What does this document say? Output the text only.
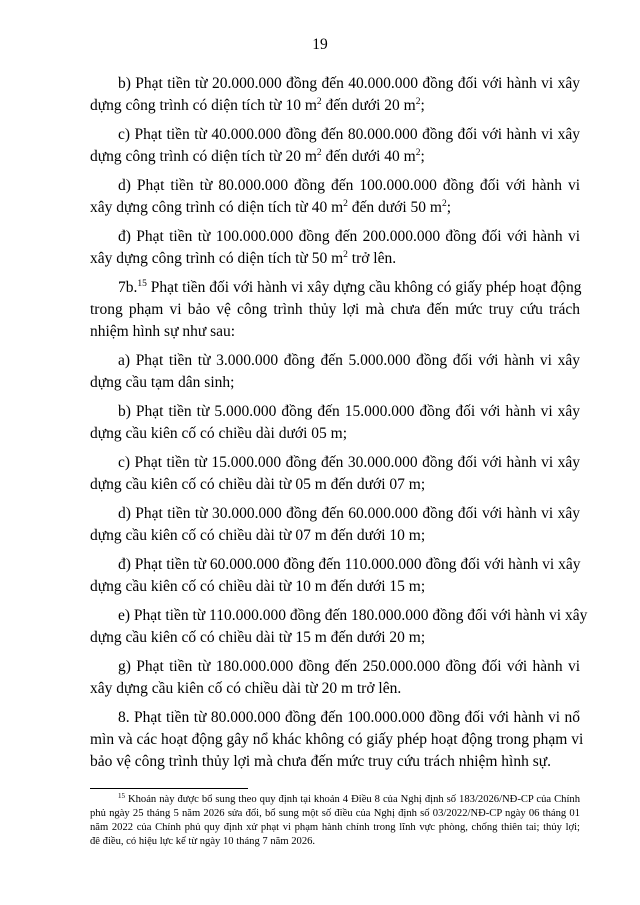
19

b) Phạt tiền từ 20.000.000 đồng đến 40.000.000 đồng đối với hành vi xây

dựng công trình có diện tích từ 10 $m^2$ đến dưới 20 $m^2$;

c) Phạt tiền từ 40.000.000 đồng đến 80.000.000 đồng đối với hành vi xây

dựng công trình có diện tích từ 20 $m^2$ đến dưới 40 $m^2$;

d) Phạt tiền từ 80.000.000 đồng đến 100.000.000 đồng đối với hành vi

xây dựng công trình có diện tích từ 40 $m^2$ đến dưới 50 $m^2$;

đ) Phạt tiền từ 100.000.000 đồng đến 200.000.000 đồng đối với hành vi

xây dựng công trình có diện tích từ 50 $m^2$ trở lên.

7b.$^{15}$ Phạt tiền đối với hành vi xây dựng cầu không có giấy phép hoạt động

trong phạm vi bảo vệ công trình thủy lợi mà chưa đến mức truy cứu trách

nhiệm hình sự như sau:

a) Phạt tiền từ 3.000.000 đồng đến 5.000.000 đồng đối với hành vi xây

dựng cầu tạm dân sinh;

b) Phạt tiền từ 5.000.000 đồng đến 15.000.000 đồng đối với hành vi xây

dựng cầu kiên cố có chiều dài dưới 05 m;

c) Phạt tiền từ 15.000.000 đồng đến 30.000.000 đồng đối với hành vi xây

dựng cầu kiên cố có chiều dài từ 05 m đến dưới 07 m;

d) Phạt tiền từ 30.000.000 đồng đến 60.000.000 đồng đối với hành vi xây

dựng cầu kiên cố có chiều dài từ 07 m đến dưới 10 m;

đ) Phạt tiền từ 60.000.000 đồng đến 110.000.000 đồng đối với hành vi xây

dựng cầu kiên cố có chiều dài từ 10 m đến dưới 15 m;

e) Phạt tiền từ 110.000.000 đồng đến 180.000.000 đồng đối với hành vi xây

dựng cầu kiên cố có chiều dài từ 15 m đến dưới 20 m;

g) Phạt tiền từ 180.000.000 đồng đến 250.000.000 đồng đối với hành vi

xây dựng cầu kiên cố có chiều dài từ 20 m trở lên.

8. Phạt tiền từ 80.000.000 đồng đến 100.000.000 đồng đối với hành vi nổ

mìn và các hoạt động gây nổ khác không có giấy phép hoạt động trong phạm vi

bảo vệ công trình thủy lợi mà chưa đến mức truy cứu trách nhiệm hình sự.

$^{15}$ Khoản này được bổ sung theo quy định tại khoản 4 Điều 8 của Nghị định số 183/2026/NĐ-CP của Chính

phủ ngày 25 tháng 5 năm 2026 sửa đổi, bổ sung một số điều của Nghị định số 03/2022/NĐ-CP ngày 06 tháng 01

năm 2022 của Chính phủ quy định xử phạt vi phạm hành chính trong lĩnh vực phòng, chống thiên tai; thủy lợi;

đê điều, có hiệu lực kể từ ngày 10 tháng 7 năm 2026.
